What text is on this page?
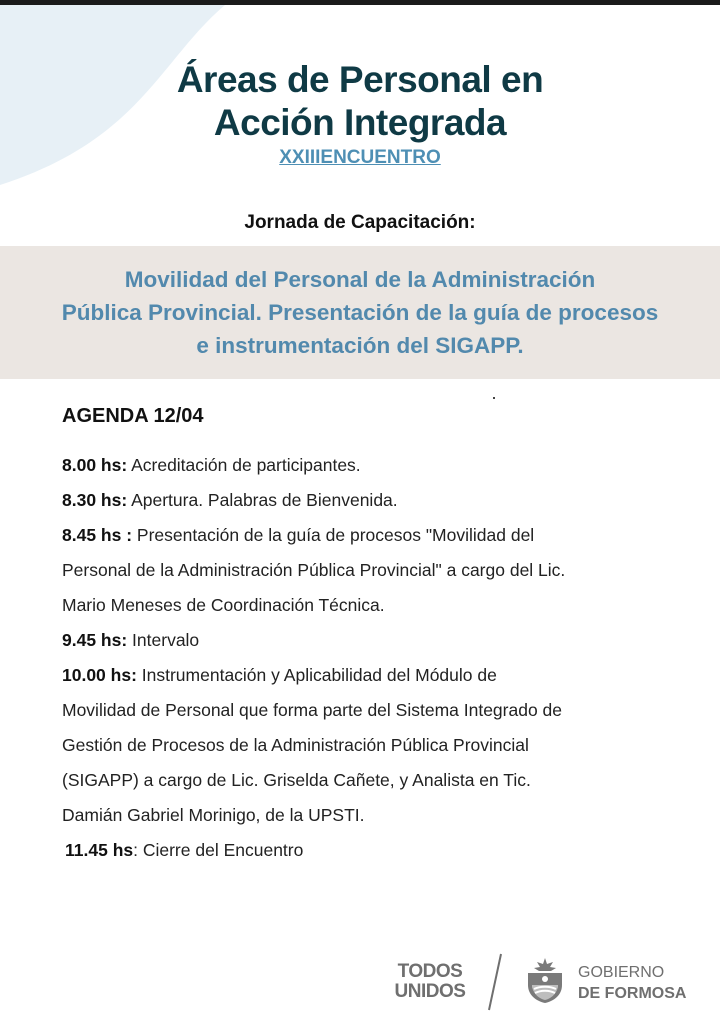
Áreas de Personal en
Acción Integrada
XXIIIENCUENTRO
Jornada de Capacitación:
Movilidad del Personal de la Administración
Pública Provincial. Presentación de la guía de procesos
e instrumentación del SIGAPP.
AGENDA 12/04
8.00 hs: Acreditación de participantes.
8.30 hs: Apertura. Palabras de Bienvenida.
8.45 hs : Presentación de la guía de procesos "Movilidad del
Personal de la Administración Pública Provincial" a cargo del Lic.
Mario Meneses de Coordinación Técnica.
9.45 hs: Intervalo
10.00 hs: Instrumentación y Aplicabilidad del Módulo de
Movilidad de Personal que forma parte del Sistema Integrado de
Gestión de Procesos de la Administración Pública Provincial
(SIGAPP) a cargo de Lic. Griselda Cañete, y Analista en Tic.
Damián Gabriel Morinigo, de la UPSTI.
11.45 hs: Cierre del Encuentro
TODOS
UNIDOS
GOBIERNO
DE FORMOSA
